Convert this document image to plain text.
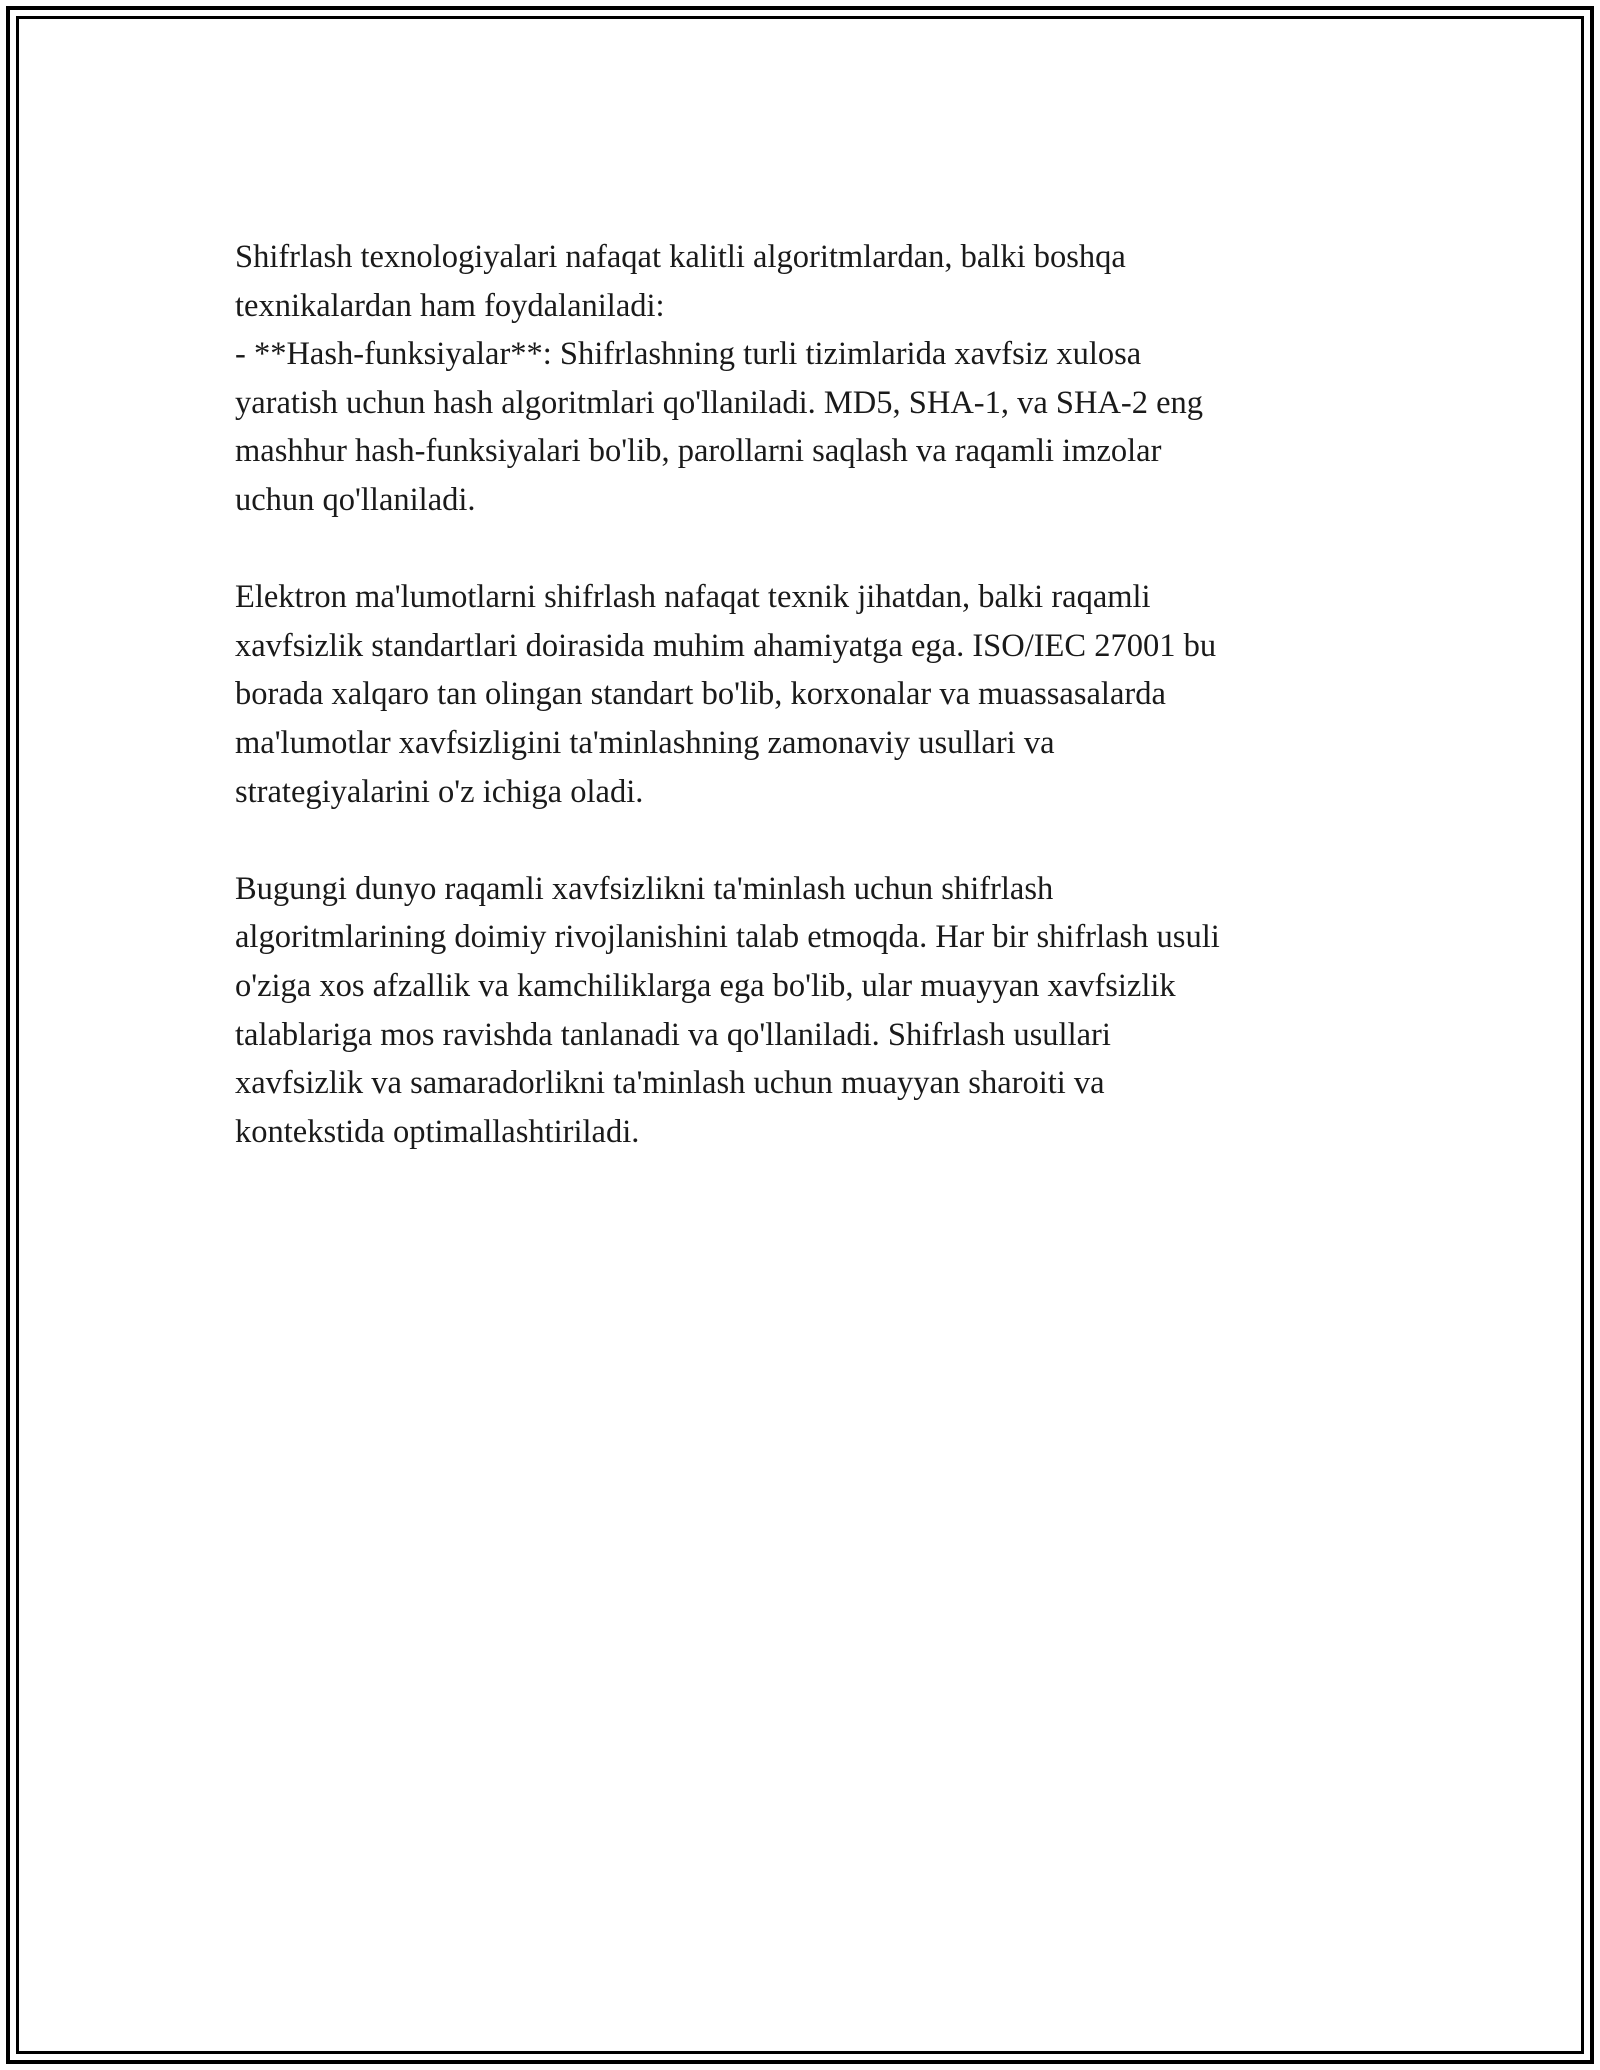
Shifrlash texnologiyalari nafaqat kalitli algoritmlardan, balki boshqa
texnikalardan ham foydalaniladi:
- **Hash-funksiyalar**: Shifrlashning turli tizimlarida xavfsiz xulosa
yaratish uchun hash algoritmlari qo'llaniladi. MD5, SHA-1, va SHA-2 eng
mashhur hash-funksiyalari bo'lib, parollarni saqlash va raqamli imzolar
uchun qo'llaniladi.

Elektron ma'lumotlarni shifrlash nafaqat texnik jihatdan, balki raqamli
xavfsizlik standartlari doirasida muhim ahamiyatga ega. ISO/IEC 27001 bu
borada xalqaro tan olingan standart bo'lib, korxonalar va muassasalarda
ma'lumotlar xavfsizligini ta'minlashning zamonaviy usullari va
strategiyalarini o'z ichiga oladi.

Bugungi dunyo raqamli xavfsizlikni ta'minlash uchun shifrlash
algoritmlarining doimiy rivojlanishini talab etmoqda. Har bir shifrlash usuli
o'ziga xos afzallik va kamchiliklarga ega bo'lib, ular muayyan xavfsizlik
talablariga mos ravishda tanlanadi va qo'llaniladi. Shifrlash usullari
xavfsizlik va samaradorlikni ta'minlash uchun muayyan sharoiti va
kontekstida optimallashtiriladi.
